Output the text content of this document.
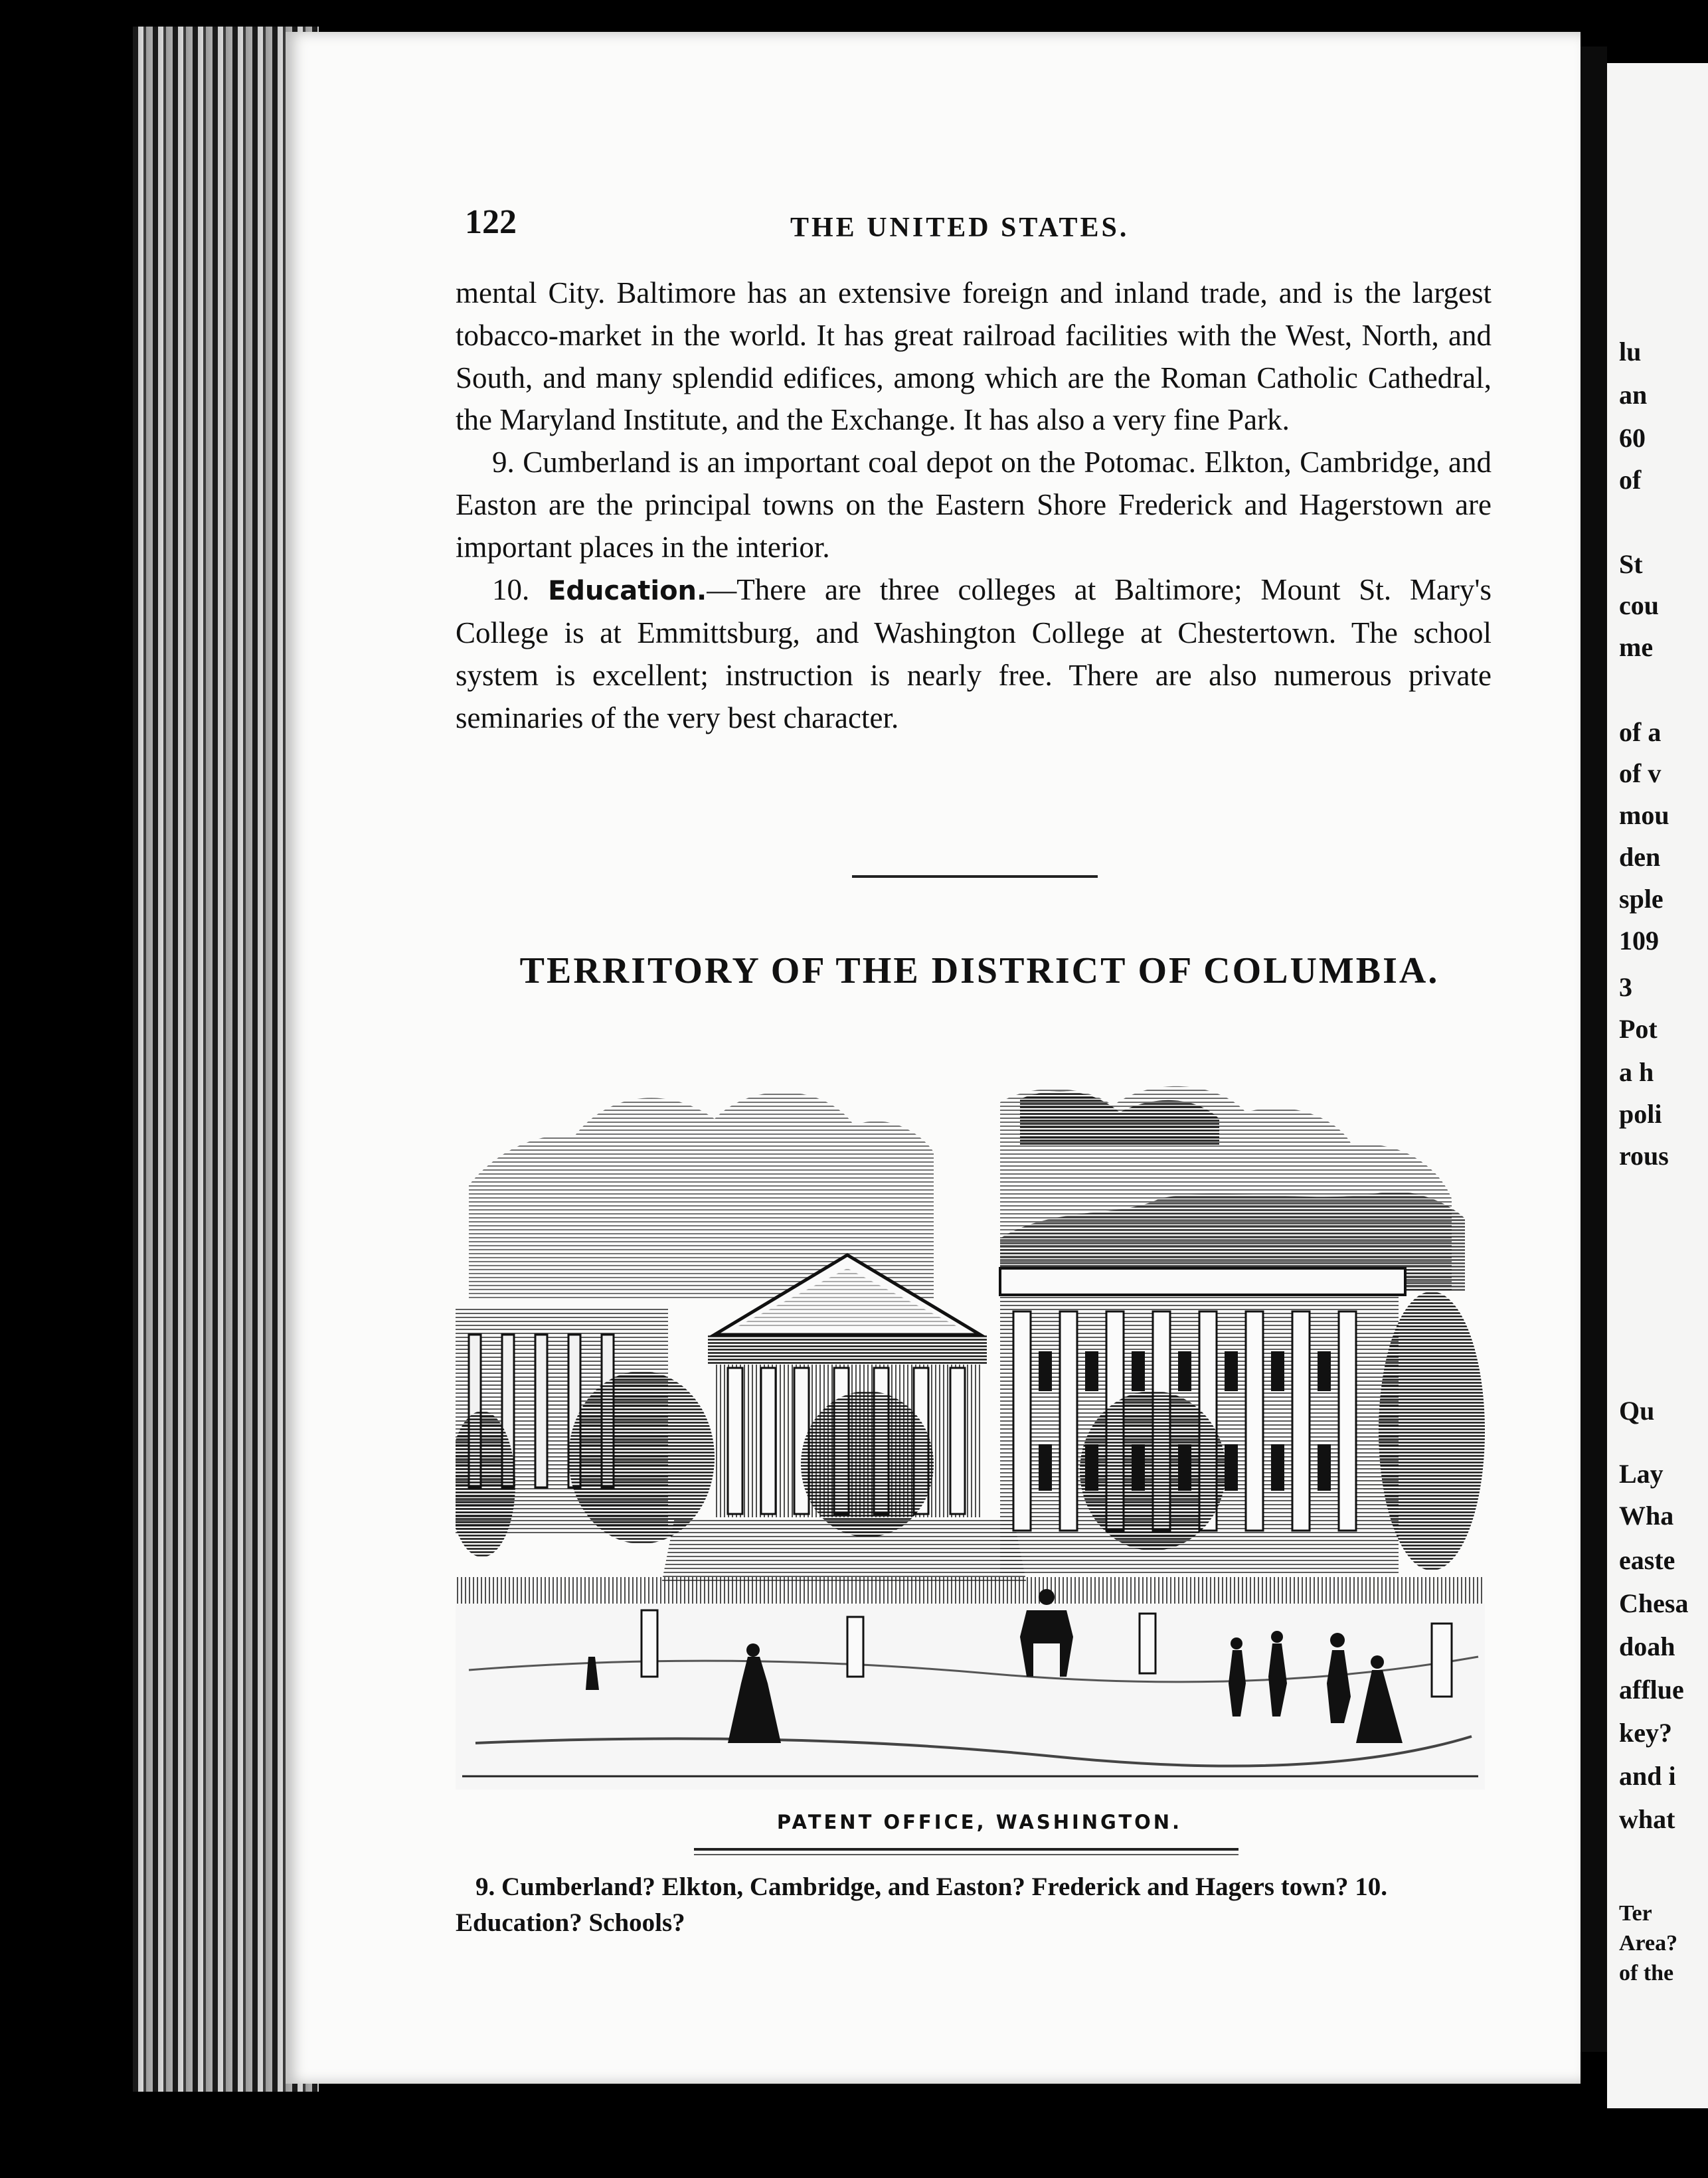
lu
an
60
of
St
cou
me
of a
of v
mou
den
sple
109
3
Pot
a h
poli
rous
Qu
Lay
Wha
easte
Chesa
doah
afflue
key?
and i
what
Ter
Area?
of the
122	THE UNITED STATES.

mental City. Baltimore has an extensive foreign and inland trade, and is the largest tobacco-market in the world. It has great railroad facilities with the West, North, and South, and many splendid edifices, among which are the Roman Catholic Cathedral, the Maryland Institute, and the Exchange. It has also a very fine Park.

9. Cumberland is an important coal depot on the Potomac. Elkton, Cambridge, and Easton are the principal towns on the Eastern Shore Frederick and Hagerstown are important places in the interior.

10. Education.—There are three colleges at Baltimore; Mount St. Mary's College is at Emmittsburg, and Washington College at Chestertown. The school system is excellent; instruction is nearly free. There are also numerous private seminaries of the very best character.

TERRITORY OF THE DISTRICT OF COLUMBIA.
PATENT OFFICE, WASHINGTON.

9. Cumberland? Elkton, Cambridge, and Easton? Frederick and Hagers town? 10. Education? Schools?
